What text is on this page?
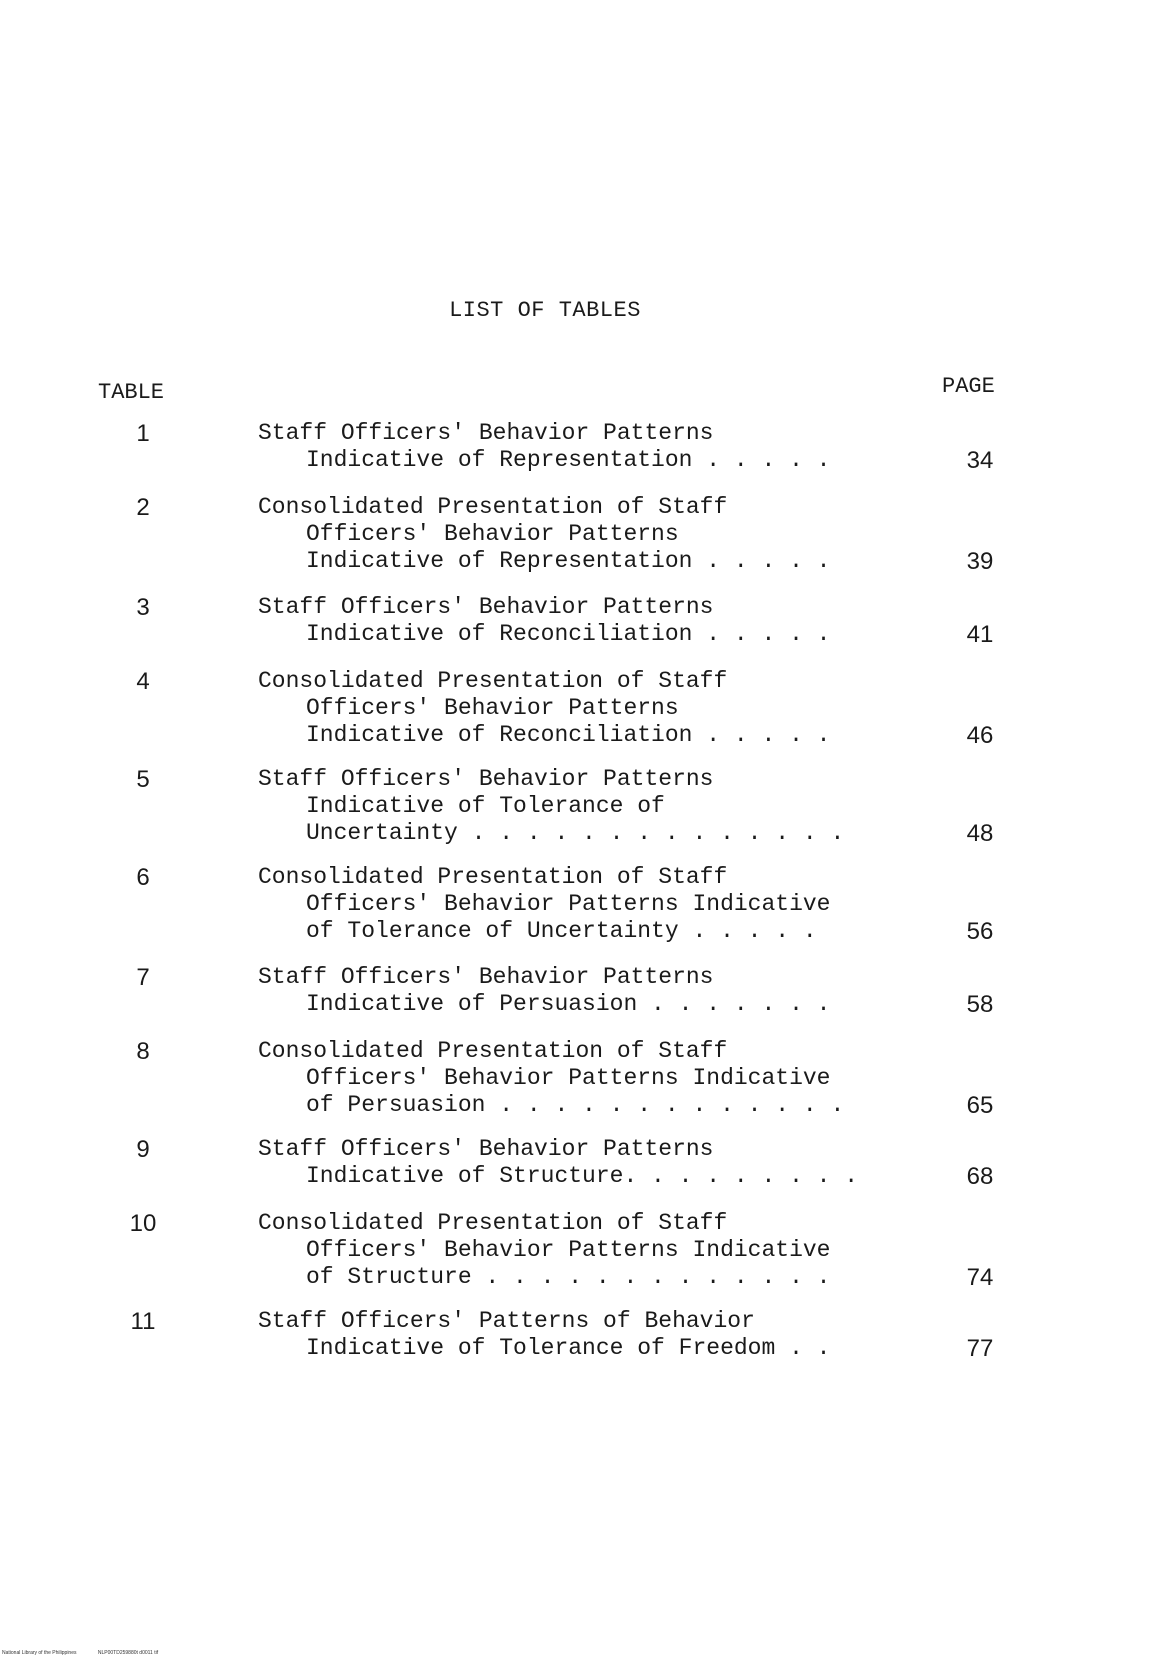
LIST OF TABLES
TABLE	PAGE
1	Staff Officers' Behavior Patterns
Indicative of Representation . . . . .	34
2	Consolidated Presentation of Staff
Officers' Behavior Patterns
Indicative of Representation . . . . .	39
3	Staff Officers' Behavior Patterns
Indicative of Reconciliation . . . . .	41
4	Consolidated Presentation of Staff
Officers' Behavior Patterns
Indicative of Reconciliation . . . . .	46
5	Staff Officers' Behavior Patterns
Indicative of Tolerance of
Uncertainty . . . . . . . . . . . . . .	48
6	Consolidated Presentation of Staff
Officers' Behavior Patterns Indicative
of Tolerance of Uncertainty . . . . .	56
7	Staff Officers' Behavior Patterns
Indicative of Persuasion . . . . . . .	58
8	Consolidated Presentation of Staff
Officers' Behavior Patterns Indicative
of Persuasion . . . . . . . . . . . . .	65
9	Staff Officers' Behavior Patterns
Indicative of Structure. . . . . . . . .	68
10	Consolidated Presentation of Staff
Officers' Behavior Patterns Indicative
of Structure . . . . . . . . . . . . .	74
11	Staff Officers' Patterns of Behavior
Indicative of Tolerance of Freedom . .	77
National Library of the Philippines	NLP00TD259880t d0011 tif
